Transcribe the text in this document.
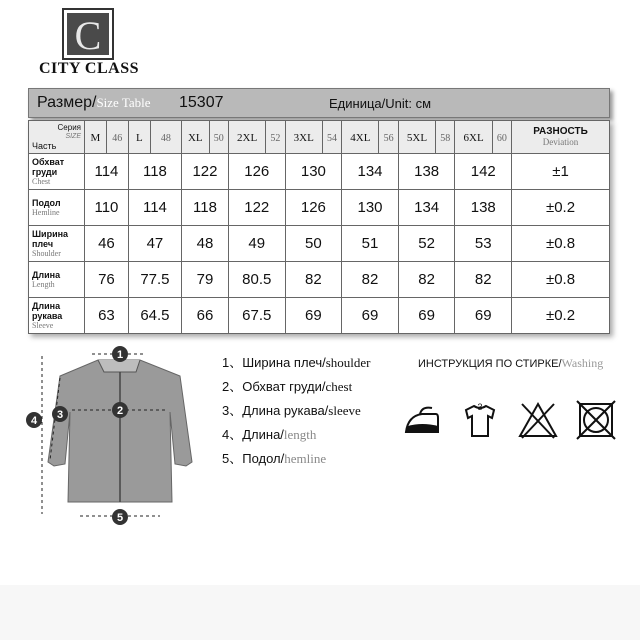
C
CITY CLASS
Размер/Size Table 15307	Единица/Unit: см
Серия
SIZE
Часть	M	46	L	48	XL	50	2XL	52	3XL	54	4XL	56	5XL	58	6XL	60	РАЗНОСТЬ
Deviation

Обхват груди
Chest	114		118		122		126		130		134		138		142		±1

Подол
Hemline	110		114		118		122		126		130		134		138		±0.2

Ширина плеч
Shoulder	46		47		48		49		50		51		52		53		±0.8

Длина
Length	76		77.5		79		80.5		82		82		82		82		±0.8

Длина рукава
Sleeve	63		64.5		66		67.5		69		69		69		69		±0.2
1
2
3
4
5
1、Ширина плеч/shoulder
2、Обхват груди/chest
3、Длина рукава/sleeve
4、Длина/length
5、Подол/hemline
ИНСТРУКЦИЯ ПО СТИРКЕ/Washing
3
